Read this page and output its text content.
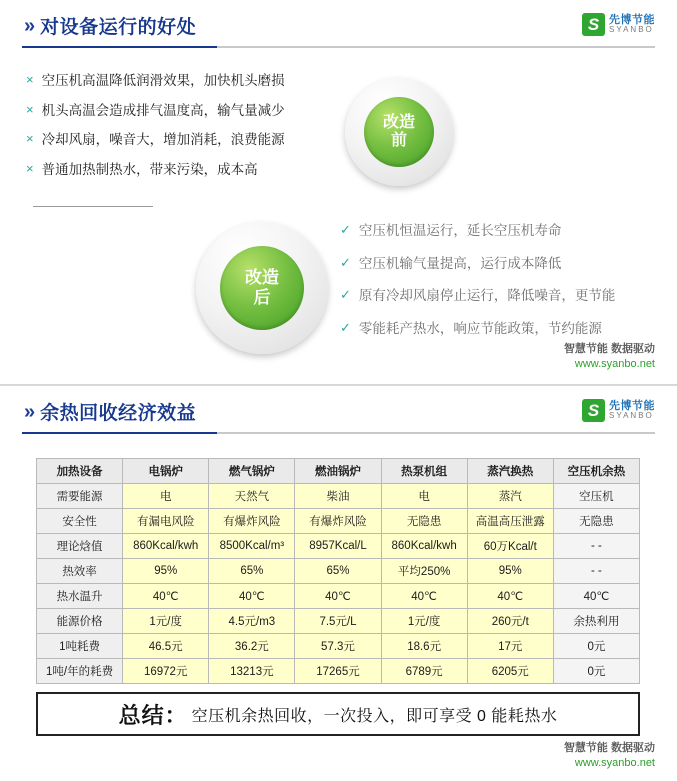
» 对设备运行的好处	S 先博节能
SYANBO
× 空压机高温降低润滑效果，加快机头磨损
× 机头高温会造成排气温度高，输气量减少
× 冷却风扇，噪音大，增加消耗，浪费能源
× 普通加热制热水，带来污染，成本高
改造
前
改造
后
✓ 空压机恒温运行，延长空压机寿命
✓ 空压机输气量提高，运行成本降低
✓ 原有冷却风扇停止运行，降低噪音，更节能
✓ 零能耗产热水，响应节能政策，节约能源
智慧节能 数据驱动
www.syanbo.net
» 余热回收经济效益	S 先博节能
SYANBO
加热设备	电锅炉	燃气锅炉	燃油锅炉	热泵机组	蒸汽换热	空压机余热
需要能源	电	天然气	柴油	电	蒸汽	空压机
安全性	有漏电风险	有爆炸风险	有爆炸风险	无隐患	高温高压泄露	无隐患
理论焓值	860Kcal/kwh	8500Kcal/m³	8957Kcal/L	860Kcal/kwh	60万Kcal/t	- -
热效率	95%	65%	65%	平均250%	95%	- -
热水温升	40℃	40℃	40℃	40℃	40℃	40℃
能源价格	1元/度	4.5元/m3	7.5元/L	1元/度	260元/t	余热利用
1吨耗费	46.5元	36.2元	57.3元	18.6元	17元	0元
1吨/年的耗费	16972元	13213元	17265元	6789元	6205元	0元
总结： 空压机余热回收，一次投入，即可享受 0 能耗热水
智慧节能 数据驱动
www.syanbo.net
